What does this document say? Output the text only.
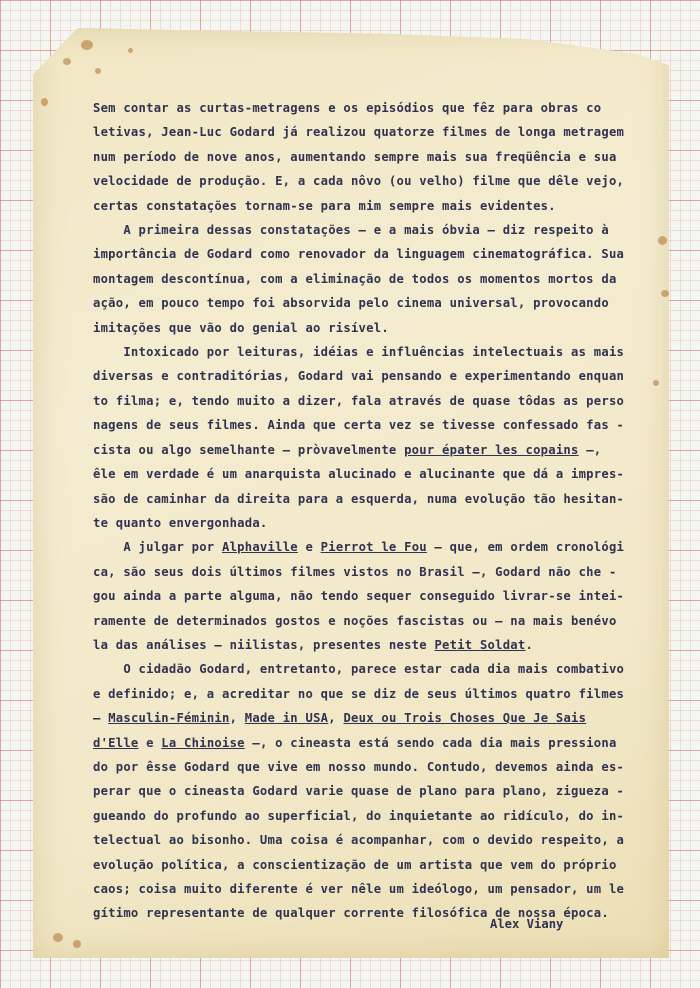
Sem contar as curtas-metragens e os episódios que fêz para obras co
letivas, Jean-Luc Godard já realizou quatorze filmes de longa metragem
num período de nove anos, aumentando sempre mais sua freqüência e sua
velocidade de produção. E, a cada nôvo (ou velho) filme que dêle vejo,
certas constatações tornam-se para mim sempre mais evidentes.
A primeira dessas constatações — e a mais óbvia — diz respeito à
importância de Godard como renovador da linguagem cinematográfica. Sua
montagem descontínua, com a eliminação de todos os momentos mortos da
ação, em pouco tempo foi absorvida pelo cinema universal, provocando
imitações que vão do genial ao risível.
Intoxicado por leituras, idéias e influências intelectuais as mais
diversas e contraditórias, Godard vai pensando e experimentando enquan
to filma; e, tendo muito a dizer, fala através de quase tôdas as perso
nagens de seus filmes. Ainda que certa vez se tivesse confessado fas -
cista ou algo semelhante — pròvavelmente pour épater les copains —,
êle em verdade é um anarquista alucinado e alucinante que dá a impres-
são de caminhar da direita para a esquerda, numa evolução tão hesitan-
te quanto envergonhada.
A julgar por Alphaville e Pierrot le Fou — que, em ordem cronológi
ca, são seus dois últimos filmes vistos no Brasil —, Godard não che -
gou ainda a parte alguma, não tendo sequer conseguido livrar-se intei-
ramente de determinados gostos e noções fascistas ou — na mais benévo
la das análises — niilistas, presentes neste Petit Soldat.
O cidadão Godard, entretanto, parece estar cada dia mais combativo
e definido; e, a acreditar no que se diz de seus últimos quatro filmes
— Masculin-Féminin, Made in USA, Deux ou Trois Choses Que Je Sais
d'Elle e La Chinoise —, o cineasta está sendo cada dia mais pressiona
do por êsse Godard que vive em nosso mundo. Contudo, devemos ainda es-
perar que o cineasta Godard varie quase de plano para plano, zigueza -
gueando do profundo ao superficial, do inquietante ao ridículo, do in-
telectual ao bisonho. Uma coisa é acompanhar, com o devido respeito, a
evolução política, a conscientização de um artista que vem do próprio
caos; coisa muito diferente é ver nêle um ideólogo, um pensador, um le
gítimo representante de qualquer corrente filosófica de nossa época.
Alex Viany
